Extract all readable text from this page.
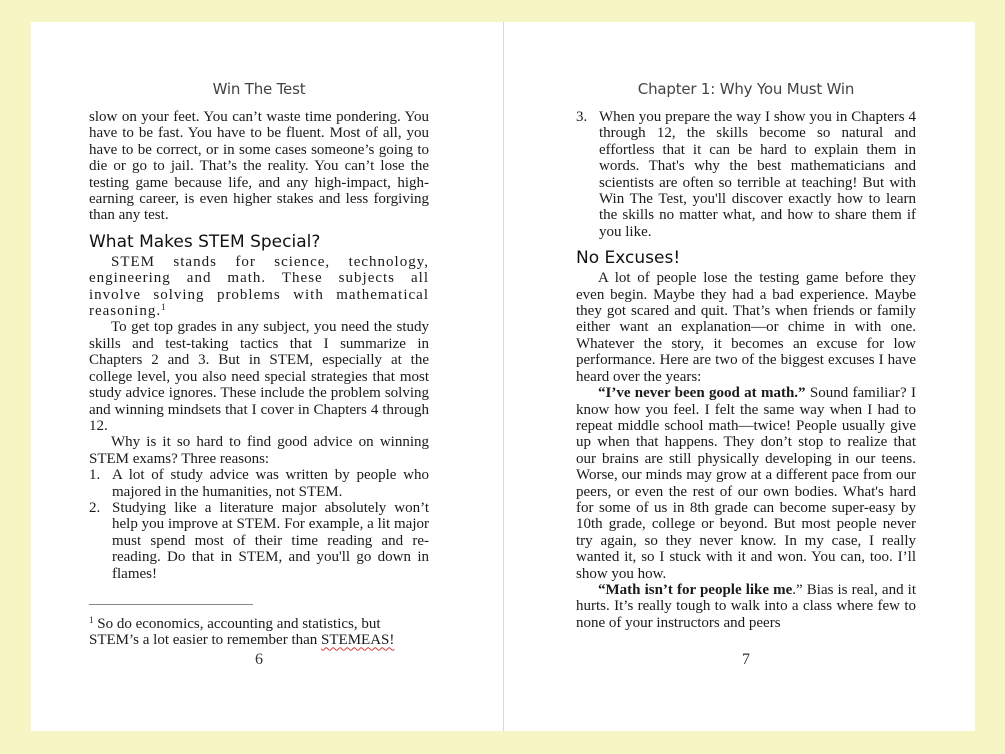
Win The Test

slow on your feet. You can’t waste time pondering. You have to be fast. You have to be fluent. Most of all, you have to be correct, or in some cases someone’s going to die or go to jail. That’s the reality. You can’t lose the testing game because life, and any high-impact, high-earning career, is even higher stakes and less forgiving than any test.

What Makes STEM Special?

STEM stands for science, technology, engineering and math. These subjects all involve solving problems with mathematical reasoning.$^1$

To get top grades in any subject, you need the study skills and test-taking tactics that I summarize in Chapters 2 and 3. But in STEM, especially at the college level, you also need special strategies that most study advice ignores. These include the problem solving and winning mindsets that I cover in Chapters 4 through 12.

Why is it so hard to find good advice on winning STEM exams? Three reasons:

1. A lot of study advice was written by people who majored in the humanities, not STEM.
2. Studying like a literature major absolutely won’t help you improve at STEM. For example, a lit major must spend most of their time reading and re-reading. Do that in STEM, and you'll go down in flames!
$^1$ So do economics, accounting and statistics, but STEM’s a lot easier to remember than STEMEAS!
6
Chapter 1: Why You Must Win
3. When you prepare the way I show you in Chapters 4 through 12, the skills become so natural and effortless that it can be hard to explain them in words. That's why the best mathematicians and scientists are often so terrible at teaching! But with Win The Test, you'll discover exactly how to learn the skills no matter what, and how to share them if you like.
No Excuses!

A lot of people lose the testing game before they even begin. Maybe they had a bad experience. Maybe they got scared and quit. That’s when friends or family either want an explanation—or chime in with one. Whatever the story, it becomes an excuse for low performance. Here are two of the biggest excuses I have heard over the years:

“I’ve never been good at math.” Sound familiar? I know how you feel. I felt the same way when I had to repeat middle school math—twice! People usually give up when that happens. They don’t stop to realize that our brains are still physically developing in our teens. Worse, our minds may grow at a different pace from our peers, or even the rest of our own bodies. What's hard for some of us in 8th grade can become super-easy by 10th grade, college or beyond. But most people never try again, so they never know. In my case, I really wanted it, so I stuck with it and won. You can, too. I’ll show you how.

“Math isn’t for people like me.” Bias is real, and it hurts. It’s really tough to walk into a class where few to none of your instructors and peers

7
